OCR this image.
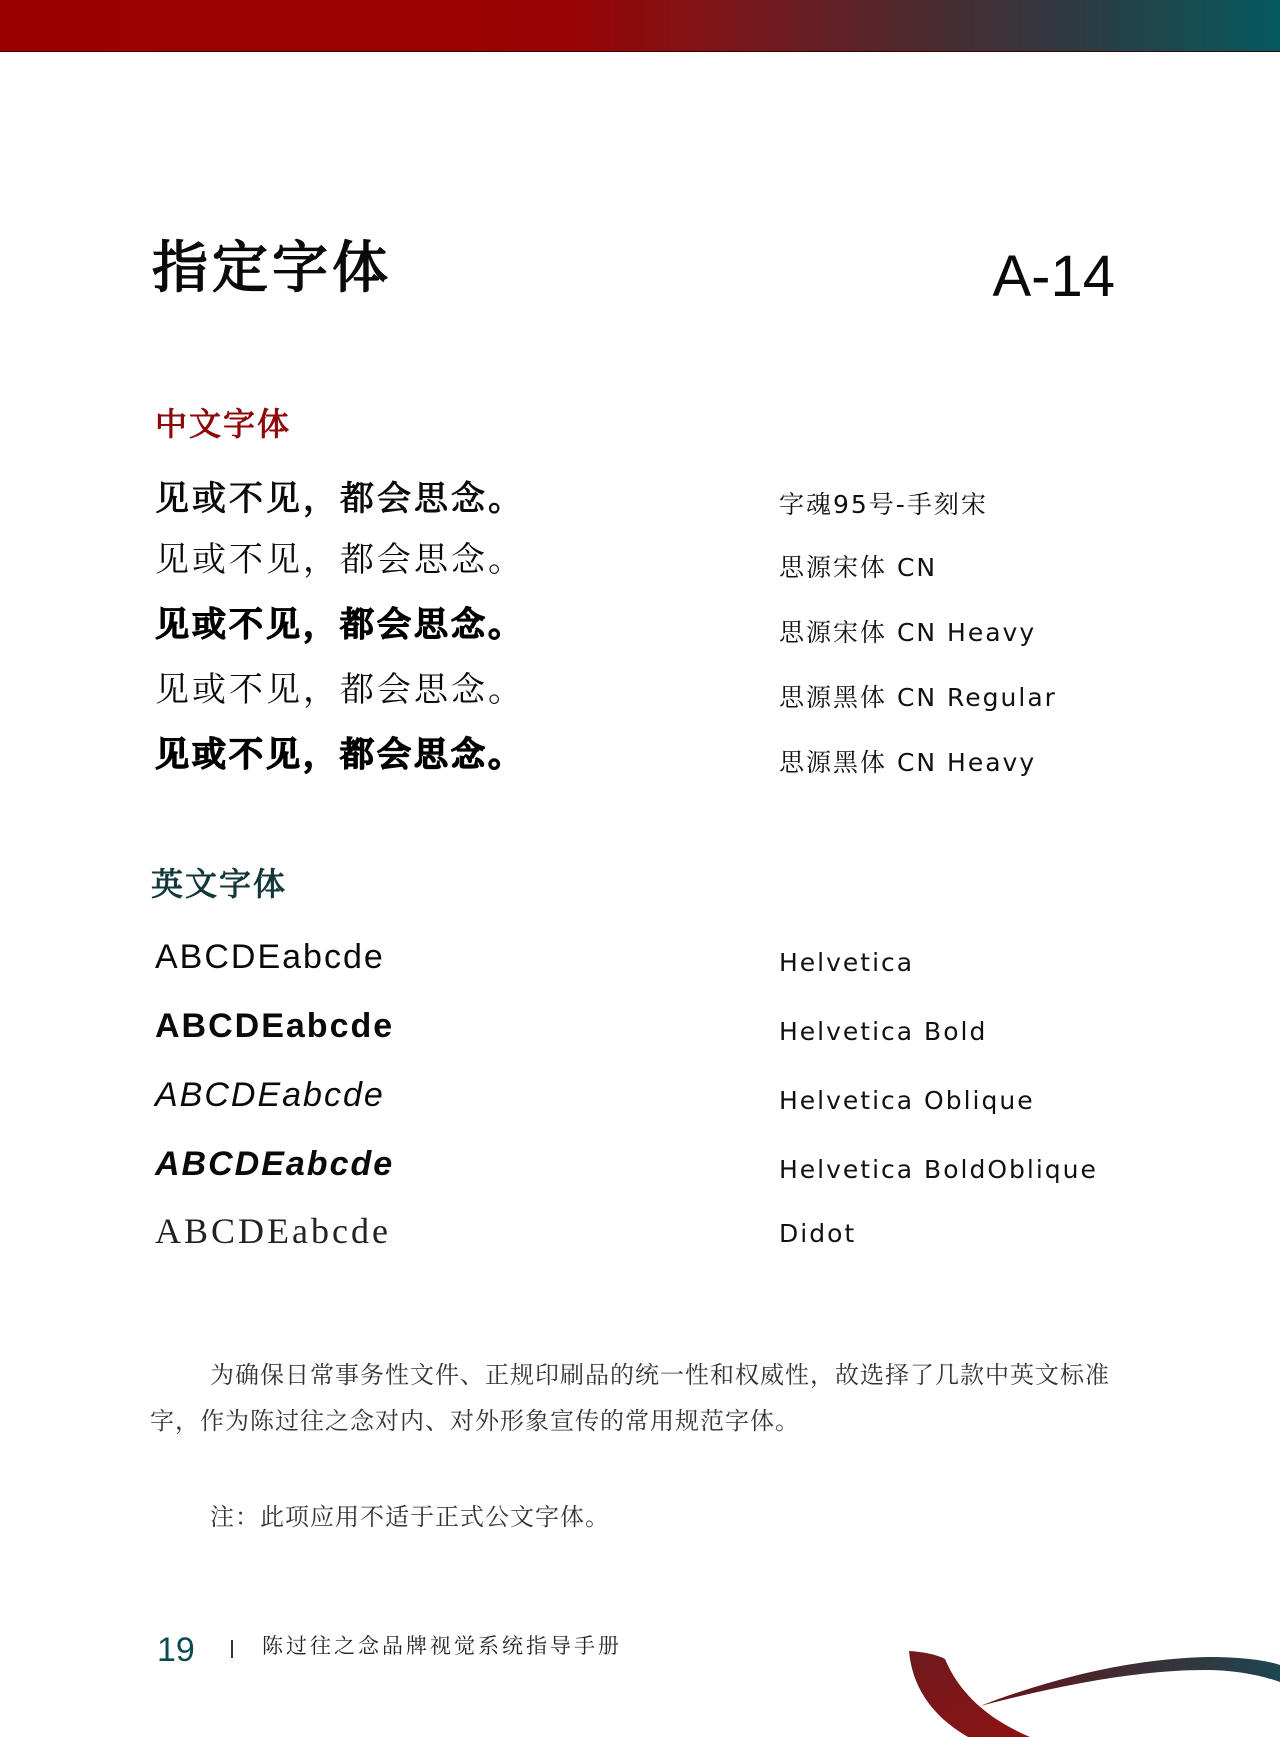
指定字体	A-14
中文字体
见或不见，都会思念。	字魂95号-手刻宋
见或不见，都会思念。	思源宋体 CN
见或不见，都会思念。	思源宋体 CN Heavy
见或不见，都会思念。	思源黑体 CN Regular
见或不见，都会思念。	思源黑体 CN Heavy
英文字体
ABCDEabcde	Helvetica
ABCDEabcde	Helvetica Bold
ABCDEabcde	Helvetica Oblique
ABCDEabcde	Helvetica BoldOblique
ABCDEabcde	Didot

为确保日常事务性文件、正规印刷品的统一性和权威性，故选择了几款中英文标准字，作为陈过往之念对内、对外形象宣传的常用规范字体。

注：此项应用不适于正式公文字体。

19	陈过往之念品牌视觉系统指导手册
